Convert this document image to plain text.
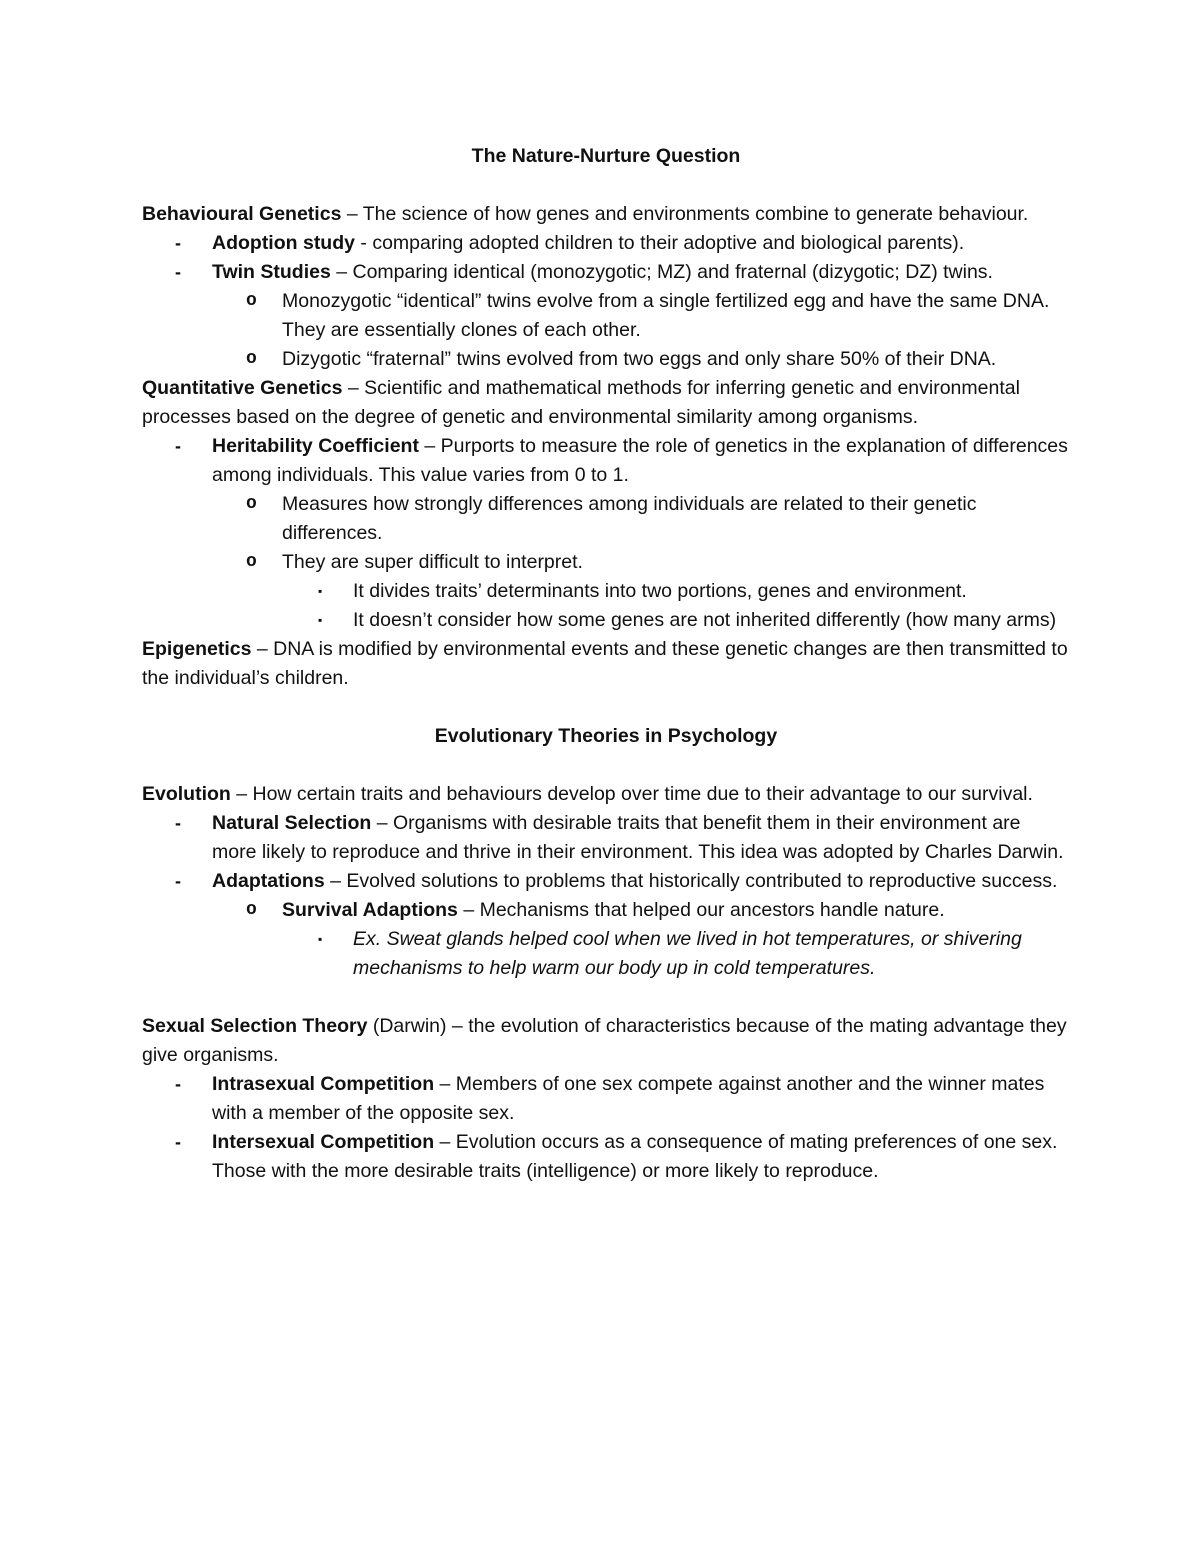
The Nature-Nurture Question

Behavioural Genetics – The science of how genes and environments combine to generate behaviour.

- Adoption study - comparing adopted children to their adoptive and biological parents).
- Twin Studies – Comparing identical (monozygotic; MZ) and fraternal (dizygotic; DZ) twins.
o Monozygotic “identical” twins evolve from a single fertilized egg and have the same DNA. They are essentially clones of each other.
o Dizygotic “fraternal” twins evolved from two eggs and only share 50% of their DNA.

Quantitative Genetics – Scientific and mathematical methods for inferring genetic and environmental processes based on the degree of genetic and environmental similarity among organisms.

- Heritability Coefficient – Purports to measure the role of genetics in the explanation of differences among individuals. This value varies from 0 to 1.
o Measures how strongly differences among individuals are related to their genetic differences.
o They are super difficult to interpret.
▪ It divides traits’ determinants into two portions, genes and environment.
▪ It doesn’t consider how some genes are not inherited differently (how many arms)

Epigenetics – DNA is modified by environmental events and these genetic changes are then transmitted to the individual’s children.

Evolutionary Theories in Psychology

Evolution – How certain traits and behaviours develop over time due to their advantage to our survival.

- Natural Selection – Organisms with desirable traits that benefit them in their environment are more likely to reproduce and thrive in their environment. This idea was adopted by Charles Darwin.
- Adaptations – Evolved solutions to problems that historically contributed to reproductive success.
o Survival Adaptions – Mechanisms that helped our ancestors handle nature.
▪ Ex. Sweat glands helped cool when we lived in hot temperatures, or shivering mechanisms to help warm our body up in cold temperatures.

Sexual Selection Theory (Darwin) – the evolution of characteristics because of the mating advantage they give organisms.

- Intrasexual Competition – Members of one sex compete against another and the winner mates with a member of the opposite sex.
- Intersexual Competition – Evolution occurs as a consequence of mating preferences of one sex. Those with the more desirable traits (intelligence) or more likely to reproduce.
